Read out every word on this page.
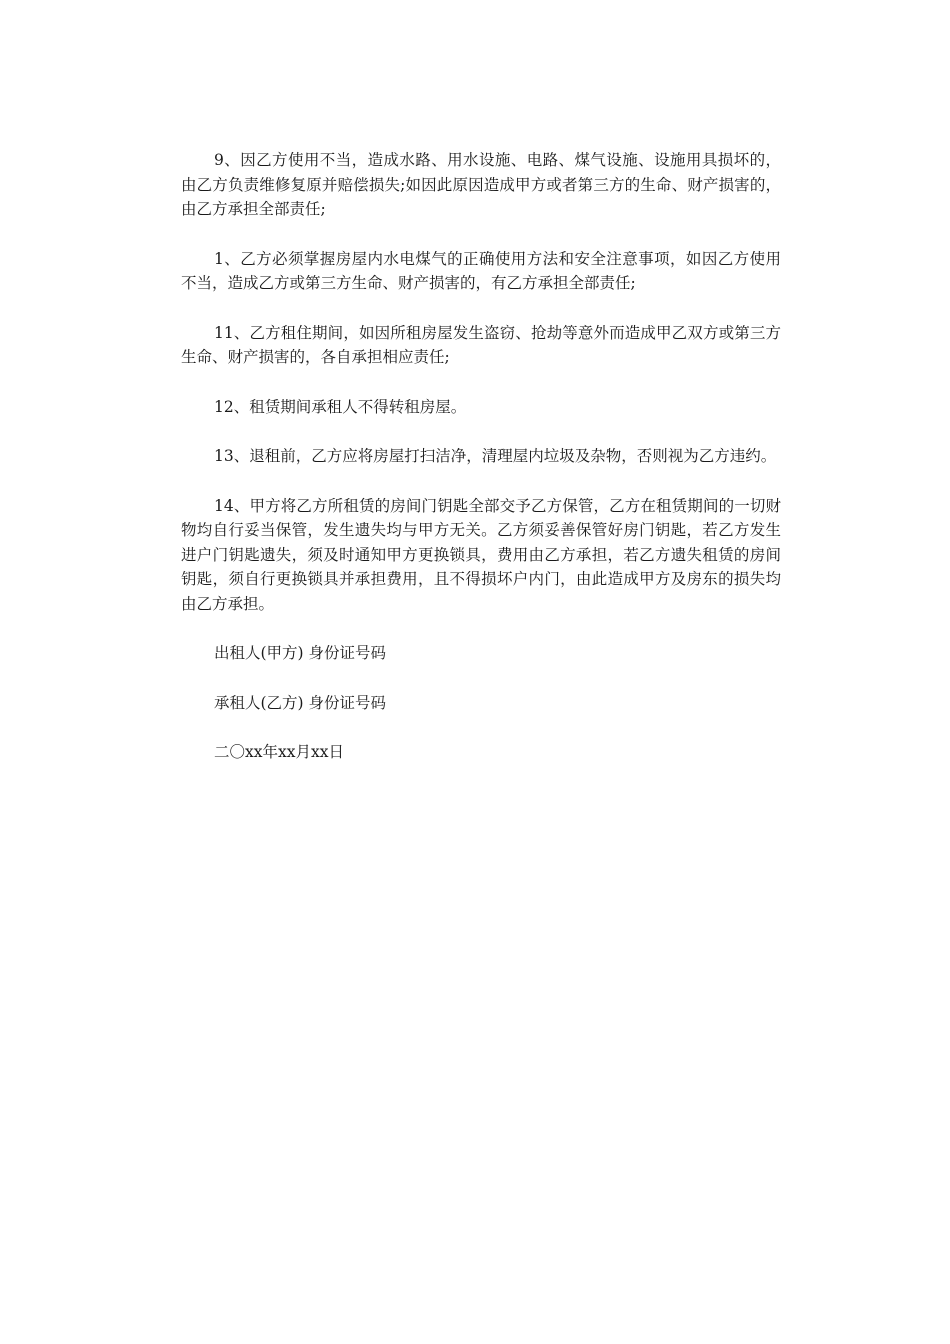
9、因乙方使用不当，造成水路、用水设施、电路、煤气设施、设施用具损坏的，由乙方负责维修复原并赔偿损失;如因此原因造成甲方或者第三方的生命、财产损害的，由乙方承担全部责任;

1、乙方必须掌握房屋内水电煤气的正确使用方法和安全注意事项，如因乙方使用不当，造成乙方或第三方生命、财产损害的，有乙方承担全部责任;

11、乙方租住期间，如因所租房屋发生盗窃、抢劫等意外而造成甲乙双方或第三方生命、财产损害的，各自承担相应责任;

12、租赁期间承租人不得转租房屋。

13、退租前，乙方应将房屋打扫洁净，清理屋内垃圾及杂物，否则视为乙方违约。

14、甲方将乙方所租赁的房间门钥匙全部交予乙方保管，乙方在租赁期间的一切财物均自行妥当保管，发生遗失均与甲方无关。乙方须妥善保管好房门钥匙，若乙方发生进户门钥匙遗失，须及时通知甲方更换锁具，费用由乙方承担，若乙方遗失租赁的房间钥匙，须自行更换锁具并承担费用，且不得损坏户内门，由此造成甲方及房东的损失均由乙方承担。

出租人(甲方) 身份证号码

承租人(乙方) 身份证号码

二〇xx年xx月xx日
